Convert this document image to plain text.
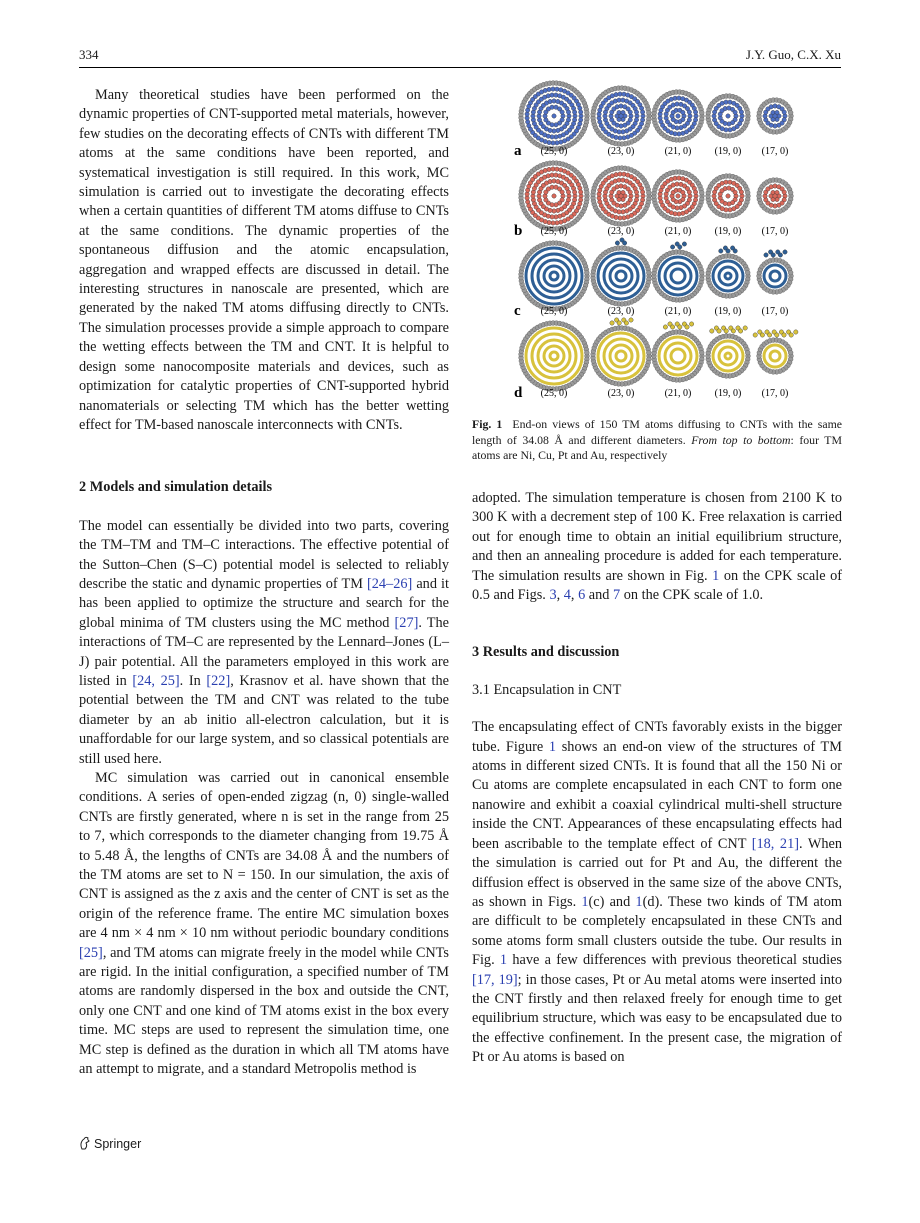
334	J.Y. Guo, C.X. Xu

Many theoretical studies have been performed on the dynamic properties of CNT-supported metal materials, however, few studies on the decorating effects of CNTs with different TM atoms at the same conditions have been reported, and systematical investigation is still required. In this work, MC simulation is carried out to investigate the decorating effects when a certain quantities of different TM atoms diffuse to CNTs at the same conditions. The dynamic properties of the spontaneous diffusion and the atomic encapsulation, aggregation and wrapped effects are discussed in detail. The interesting structures in nanoscale are presented, which are generated by the naked TM atoms diffusing directly to CNTs. The simulation processes provide a simple approach to compare the wetting effects between the TM and CNT. It is helpful to design some nanocomposite materials and devices, such as optimization for catalytic properties of CNT-supported hybrid nanomaterials or selecting TM which has the better wetting effect for TM-based nanoscale interconnects with CNTs.

2 Models and simulation details

The model can essentially be divided into two parts, covering the TM–TM and TM–C interactions. The effective potential of the Sutton–Chen (S–C) potential model is selected to reliably describe the static and dynamic properties of TM [24–26] and it has been applied to optimize the structure and search for the global minima of TM clusters using the MC method [27]. The interactions of TM–C are represented by the Lennard–Jones (L–J) pair potential. All the parameters employed in this work are listed in [24, 25]. In [22], Krasnov et al. have shown that the potential between the TM and CNT was related to the tube diameter by an ab initio all-electron calculation, but it is unaffordable for our large system, and so classical potentials are still used here.

MC simulation was carried out in canonical ensemble conditions. A series of open-ended zigzag (n, 0) single-walled CNTs are firstly generated, where n is set in the range from 25 to 7, which corresponds to the diameter changing from 19.75 Å to 5.48 Å, the lengths of CNTs are 34.08 Å and the numbers of the TM atoms are set to N = 150. In our simulation, the axis of CNT is assigned as the z axis and the center of CNT is set as the origin of the reference frame. The entire MC simulation boxes are 4 nm × 4 nm × 10 nm without periodic boundary conditions [25], and TM atoms can migrate freely in the model while CNTs are rigid. In the initial configuration, a specified number of TM atoms are randomly dispersed in the box and outside the CNT, only one CNT and one kind of TM atoms exist in the box every time. MC steps are used to represent the simulation time, one MC step is defined as the duration in which all TM atoms have an attempt to migrate, and a standard Metropolis method is

a (25, 0)	(23, 0)	(21, 0) (19, 0) (17, 0)
b (25, 0)	(23, 0)	(21, 0) (19, 0) (17, 0)
c (25, 0)	(23, 0)	(21, 0) (19, 0) (17, 0)
d (25, 0)	(23, 0)	(21, 0) (19, 0) (17, 0)
Fig. 1 End-on views of 150 TM atoms diffusing to CNTs with the same length of 34.08 Å and different diameters. From top to bottom: four TM atoms are Ni, Cu, Pt and Au, respectively

adopted. The simulation temperature is chosen from 2100 K to 300 K with a decrement step of 100 K. Free relaxation is carried out for enough time to obtain an initial equilibrium structure, and then an annealing procedure is added for each temperature. The simulation results are shown in Fig. 1 on the CPK scale of 0.5 and Figs. 3, 4, 6 and 7 on the CPK scale of 1.0.

3 Results and discussion

3.1 Encapsulation in CNT

The encapsulating effect of CNTs favorably exists in the bigger tube. Figure 1 shows an end-on view of the structures of TM atoms in different sized CNTs. It is found that all the 150 Ni or Cu atoms are complete encapsulated in each CNT to form one nanowire and exhibit a coaxial cylindrical multi-shell structure inside the CNT. Appearances of these encapsulating effects had been ascribable to the template effect of CNT [18, 21]. When the simulation is carried out for Pt and Au, the different the diffusion effect is observed in the same size of the above CNTs, as shown in Figs. 1(c) and 1(d). These two kinds of TM atom are difficult to be completely encapsulated in these CNTs and some atoms form small clusters outside the tube. Our results in Fig. 1 have a few differences with previous theoretical studies [17, 19]; in those cases, Pt or Au metal atoms were inserted into the CNT firstly and then relaxed freely for enough time to get equilibrium structure, which was easy to be encapsulated due to the effective confinement. In the present case, the migration of Pt or Au atoms is based on

Springer
